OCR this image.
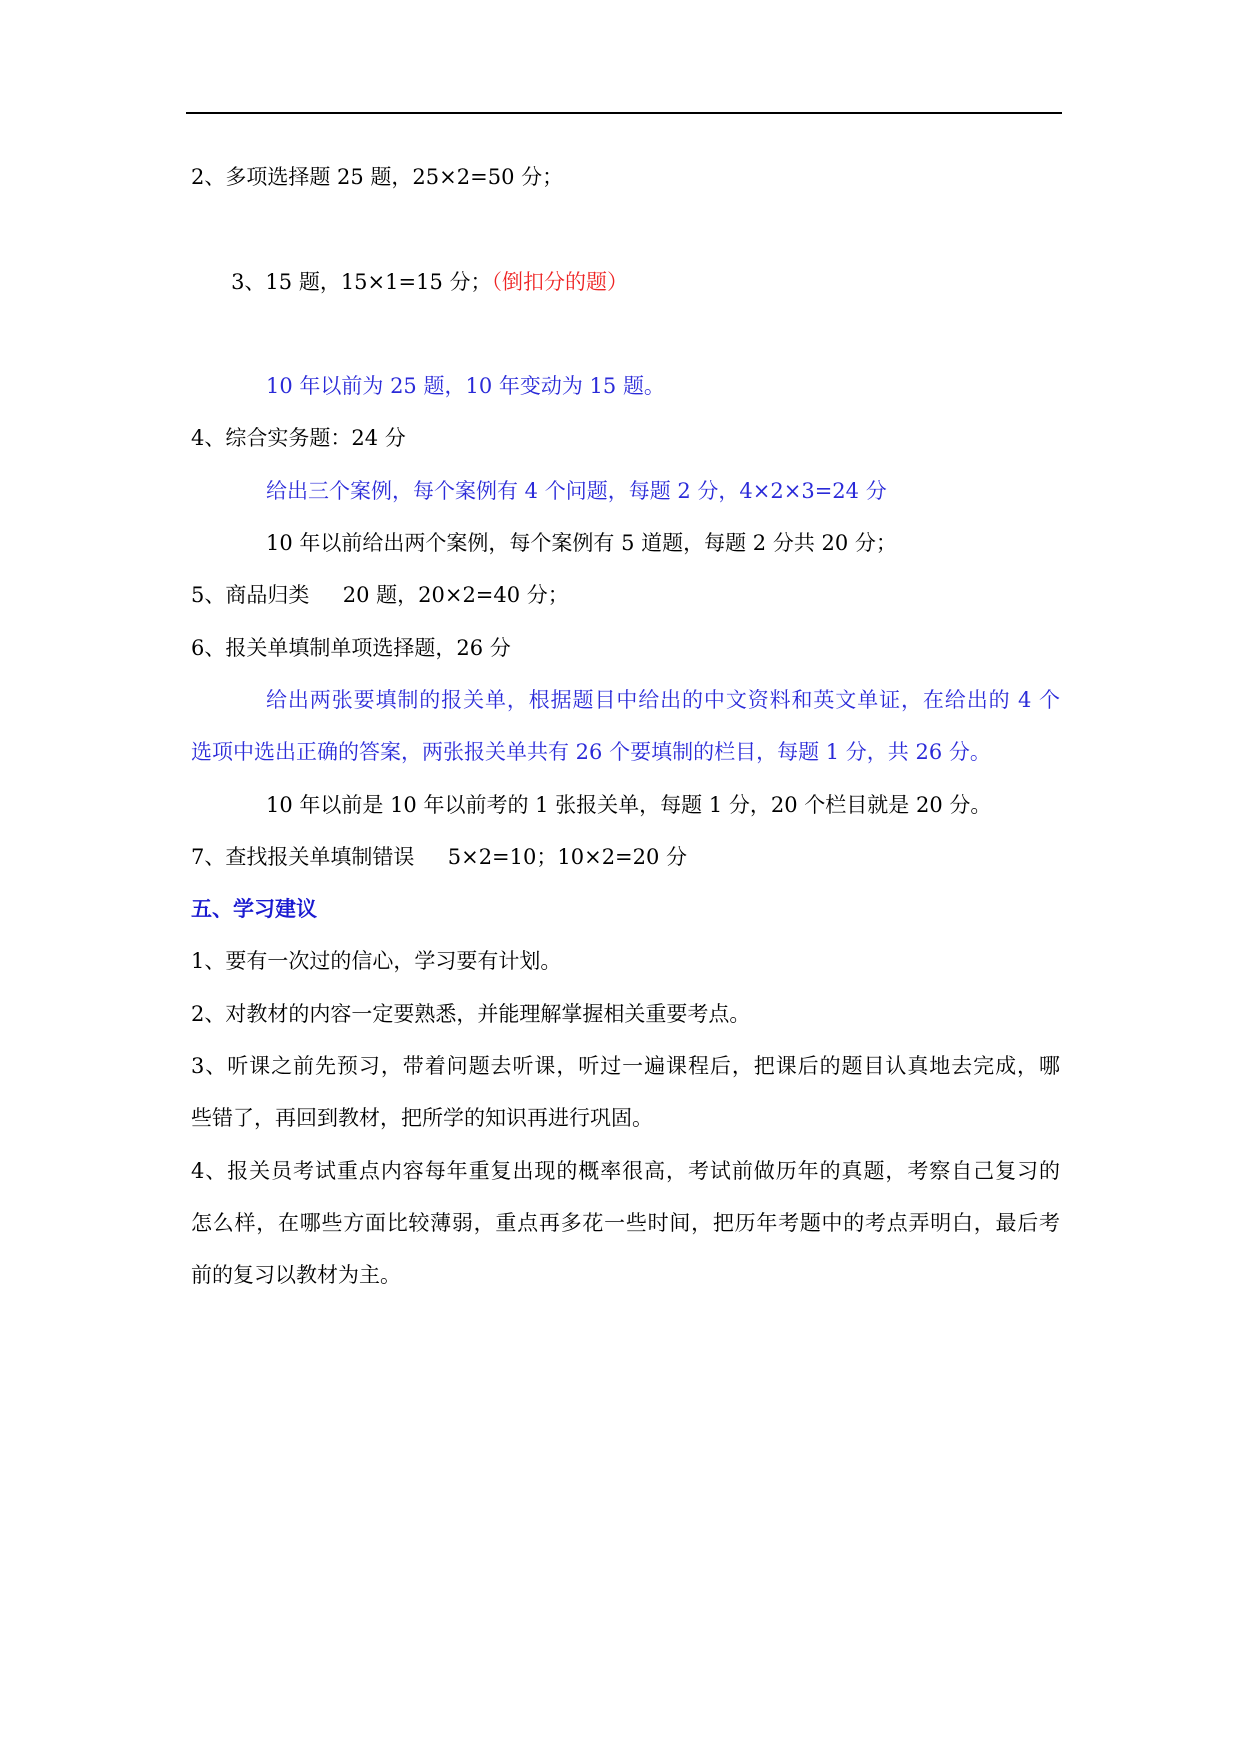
2、多项选择题 25 题，25×2=50 分；

3、15 题，15×1=15 分；（倒扣分的题）

10 年以前为 25 题，10 年变动为 15 题。
4、综合实务题：24 分
给出三个案例，每个案例有 4 个问题，每题 2 分，4×2×3=24 分
10 年以前给出两个案例，每个案例有 5 道题，每题 2 分共 20 分；
5、商品归类     20 题，20×2=40 分；
6、报关单填制单项选择题，26 分
给出两张要填制的报关单，根据题目中给出的中文资料和英文单证，在给出的 4 个
选项中选出正确的答案，两张报关单共有 26 个要填制的栏目，每题 1 分，共 26 分。
10 年以前是 10 年以前考的 1 张报关单，每题 1 分，20 个栏目就是 20 分。
7、查找报关单填制错误     5×2=10；10×2=20 分
五、学习建议
1、要有一次过的信心，学习要有计划。
2、对教材的内容一定要熟悉，并能理解掌握相关重要考点。
3、听课之前先预习，带着问题去听课，听过一遍课程后，把课后的题目认真地去完成，哪
些错了，再回到教材，把所学的知识再进行巩固。
4、报关员考试重点内容每年重复出现的概率很高，考试前做历年的真题，考察自己复习的
怎么样，在哪些方面比较薄弱，重点再多花一些时间，把历年考题中的考点弄明白，最后考
前的复习以教材为主。
